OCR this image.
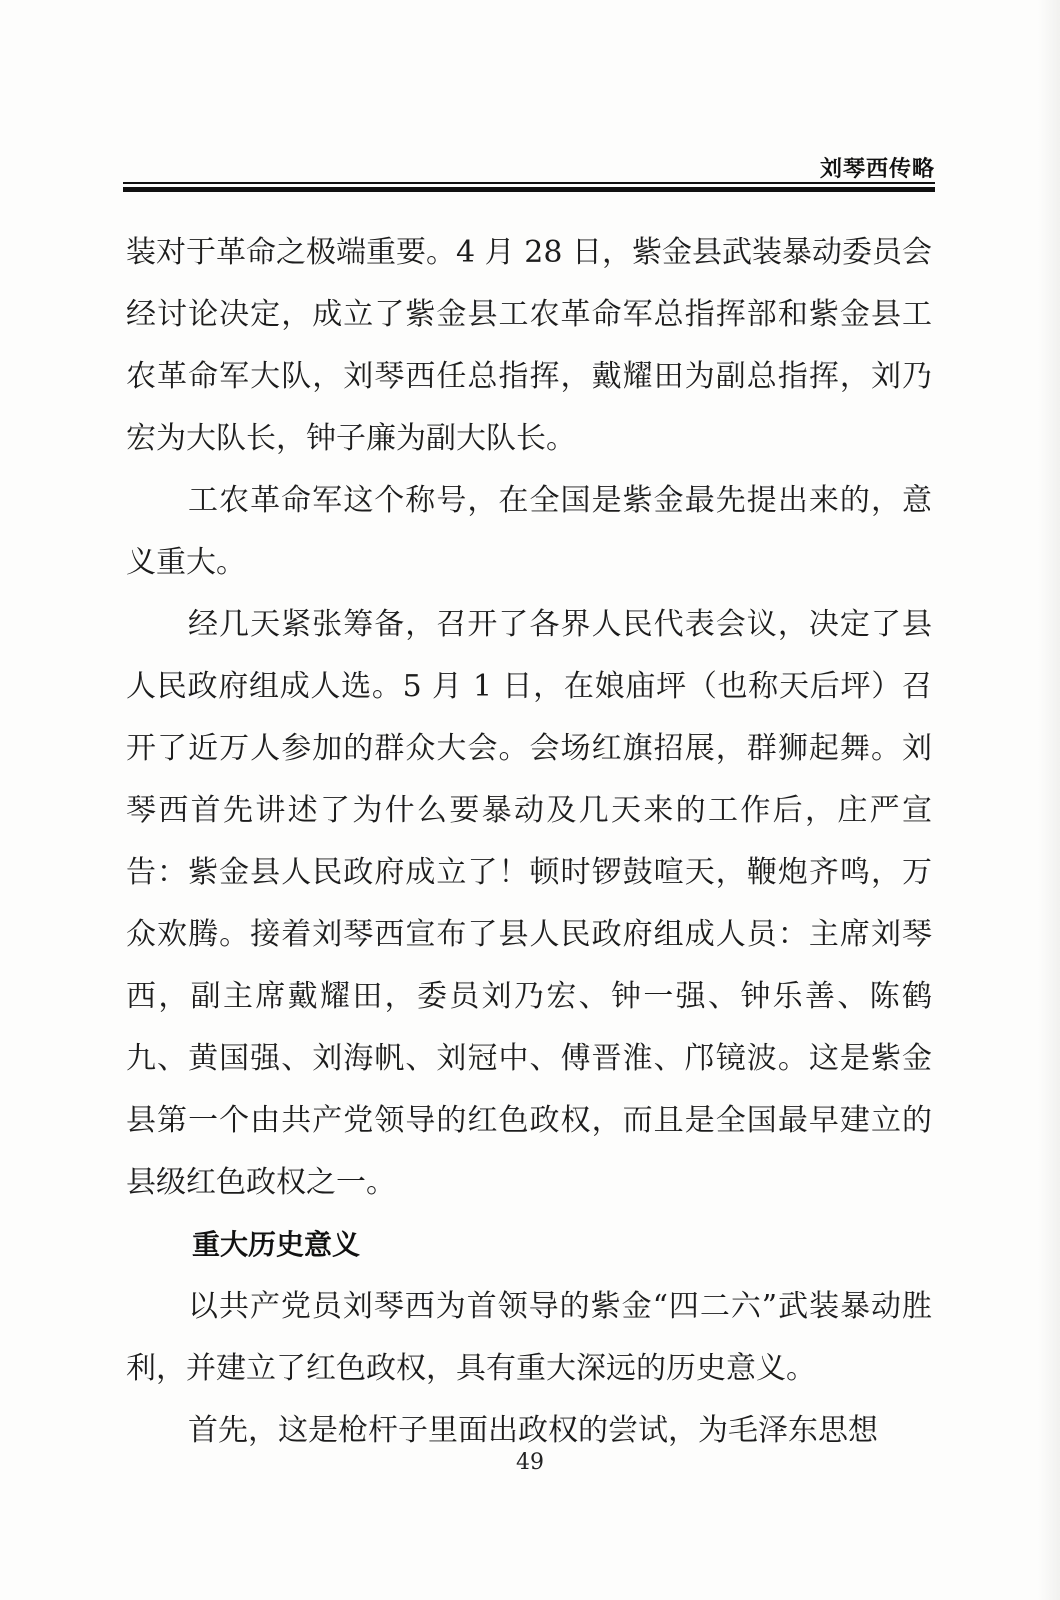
刘琴西传略

装对于革命之极端重要。4 月 28 日，紫金县武装暴动委员会经讨论决定，成立了紫金县工农革命军总指挥部和紫金县工农革命军大队，刘琴西任总指挥，戴耀田为副总指挥，刘乃宏为大队长，钟子廉为副大队长。

工农革命军这个称号，在全国是紫金最先提出来的，意义重大。

经几天紧张筹备，召开了各界人民代表会议，决定了县人民政府组成人选。5 月 1 日，在娘庙坪（也称天后坪）召开了近万人参加的群众大会。会场红旗招展，群狮起舞。刘琴西首先讲述了为什么要暴动及几天来的工作后，庄严宣告：紫金县人民政府成立了！顿时锣鼓喧天，鞭炮齐鸣，万众欢腾。接着刘琴西宣布了县人民政府组成人员：主席刘琴西，副主席戴耀田，委员刘乃宏、钟一强、钟乐善、陈鹤九、黄国强、刘海帆、刘冠中、傅晋淮、邝镜波。这是紫金县第一个由共产党领导的红色政权，而且是全国最早建立的县级红色政权之一。

重大历史意义

以共产党员刘琴西为首领导的紫金“四二六”武装暴动胜利，并建立了红色政权，具有重大深远的历史意义。

首先，这是枪杆子里面出政权的尝试，为毛泽东思想

49
